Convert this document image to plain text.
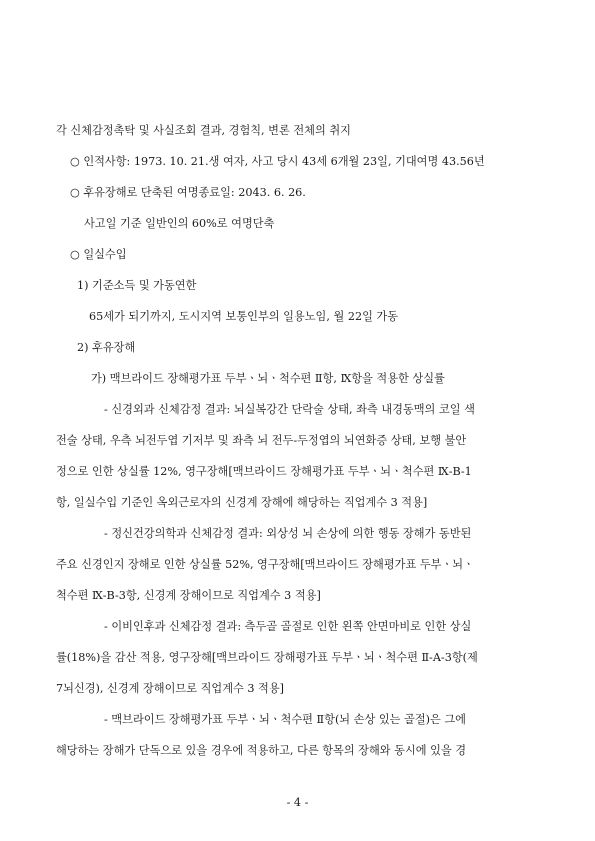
각 신체감정촉탁 및 사실조회 결과, 경험칙, 변론 전체의 취지
○ 인적사항: 1973. 10. 21.생 여자, 사고 당시 43세 6개월 23일, 기대여명 43.56년
○ 후유장해로 단축된 여명종료일: 2043. 6. 26.
사고일 기준 일반인의 60%로 여명단축
○ 일실수입
1) 기준소득 및 가동연한
65세가 되기까지, 도시지역 보통인부의 일용노임, 월 22일 가동
2) 후유장해
가) 맥브라이드 장해평가표 두부ㆍ뇌ㆍ척수편 Ⅱ항, Ⅸ항을 적용한 상실률
- 신경외과 신체감정 결과: 뇌실복강간 단락술 상태, 좌측 내경동맥의 코일 색
전술 상태, 우측 뇌전두엽 기저부 및 좌측 뇌 전두-두정엽의 뇌연화증 상태, 보행 불안
정으로 인한 상실률 12%, 영구장해[맥브라이드 장해평가표 두부ㆍ뇌ㆍ척수편 Ⅸ-B-1
항, 일실수입 기준인 옥외근로자의 신경계 장해에 해당하는 직업계수 3 적용]
- 정신건강의학과 신체감정 결과: 외상성 뇌 손상에 의한 행동 장해가 동반된
주요 신경인지 장해로 인한 상실률 52%, 영구장해[맥브라이드 장해평가표 두부ㆍ뇌ㆍ
척수편 Ⅸ-B-3항, 신경계 장해이므로 직업계수 3 적용]
- 이비인후과 신체감정 결과: 측두골 골절로 인한 왼쪽 안면마비로 인한 상실
률(18%)을 감산 적용, 영구장해[맥브라이드 장해평가표 두부ㆍ뇌ㆍ척수편 Ⅱ-A-3항(제
7뇌신경), 신경계 장해이므로 직업계수 3 적용]
- 맥브라이드 장해평가표 두부ㆍ뇌ㆍ척수편 Ⅱ항(뇌 손상 있는 골절)은 그에
해당하는 장해가 단독으로 있을 경우에 적용하고, 다른 항목의 장해와 동시에 있을 경
- 4 -
